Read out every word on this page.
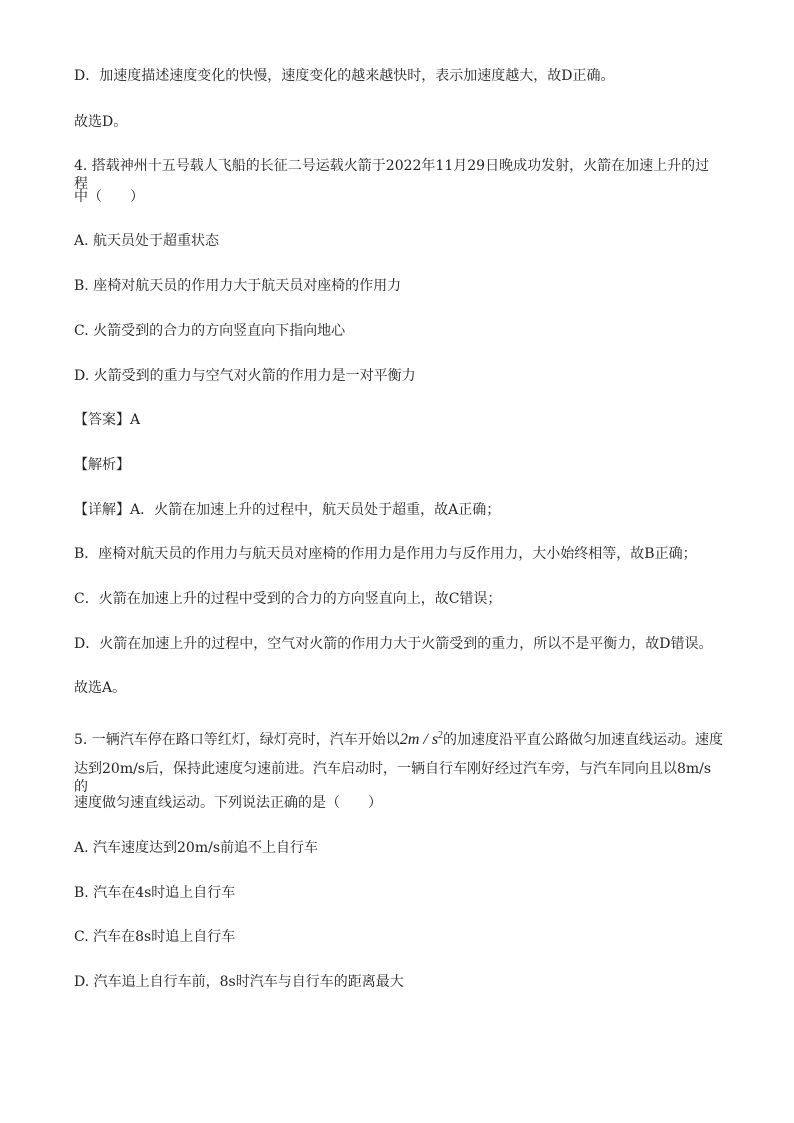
D．加速度描述速度变化的快慢，速度变化的越来越快时，表示加速度越大，故D正确。
故选D。
4. 搭载神州十五号载人飞船的长征二号运载火箭于2022年11月29日晚成功发射，火箭在加速上升的过程
中（　　）
A. 航天员处于超重状态
B. 座椅对航天员的作用力大于航天员对座椅的作用力
C. 火箭受到的合力的方向竖直向下指向地心
D. 火箭受到的重力与空气对火箭的作用力是一对平衡力
【答案】A
【解析】
【详解】A．火箭在加速上升的过程中，航天员处于超重，故A正确；
B．座椅对航天员的作用力与航天员对座椅的作用力是作用力与反作用力，大小始终相等，故B正确；
C．火箭在加速上升的过程中受到的合力的方向竖直向上，故C错误；
D．火箭在加速上升的过程中，空气对火箭的作用力大于火箭受到的重力，所以不是平衡力，故D错误。
故选A。
5. 一辆汽车停在路口等红灯，绿灯亮时，汽车开始以$2m / s^2$的加速度沿平直公路做匀加速直线运动。速度
达到20m/s后，保持此速度匀速前进。汽车启动时，一辆自行车刚好经过汽车旁，与汽车同向且以8m/s的
速度做匀速直线运动。下列说法正确的是（　　）
A. 汽车速度达到20m/s前追不上自行车
B. 汽车在4s时追上自行车
C. 汽车在8s时追上自行车
D. 汽车追上自行车前，8s时汽车与自行车的距离最大
